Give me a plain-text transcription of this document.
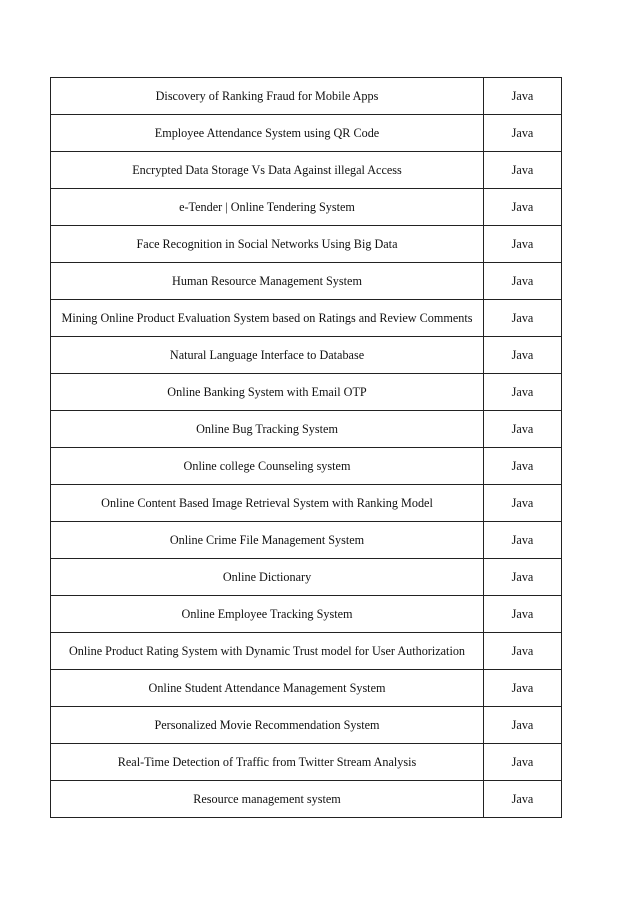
Discovery of Ranking Fraud for Mobile Apps	Java
Employee Attendance System using QR Code	Java
Encrypted Data Storage Vs Data Against illegal Access	Java
e-Tender | Online Tendering System	Java
Face Recognition in Social Networks Using Big Data	Java
Human Resource Management System	Java
Mining Online Product Evaluation System based on Ratings and Review Comments	Java
Natural Language Interface to Database	Java
Online Banking System with Email OTP	Java
Online Bug Tracking System	Java
Online college Counseling system	Java
Online Content Based Image Retrieval System with Ranking Model	Java
Online Crime File Management System	Java
Online Dictionary	Java
Online Employee Tracking System	Java
Online Product Rating System with Dynamic Trust model for User Authorization	Java
Online Student Attendance Management System	Java
Personalized Movie Recommendation System	Java
Real-Time Detection of Traffic from Twitter Stream Analysis	Java
Resource management system	Java
